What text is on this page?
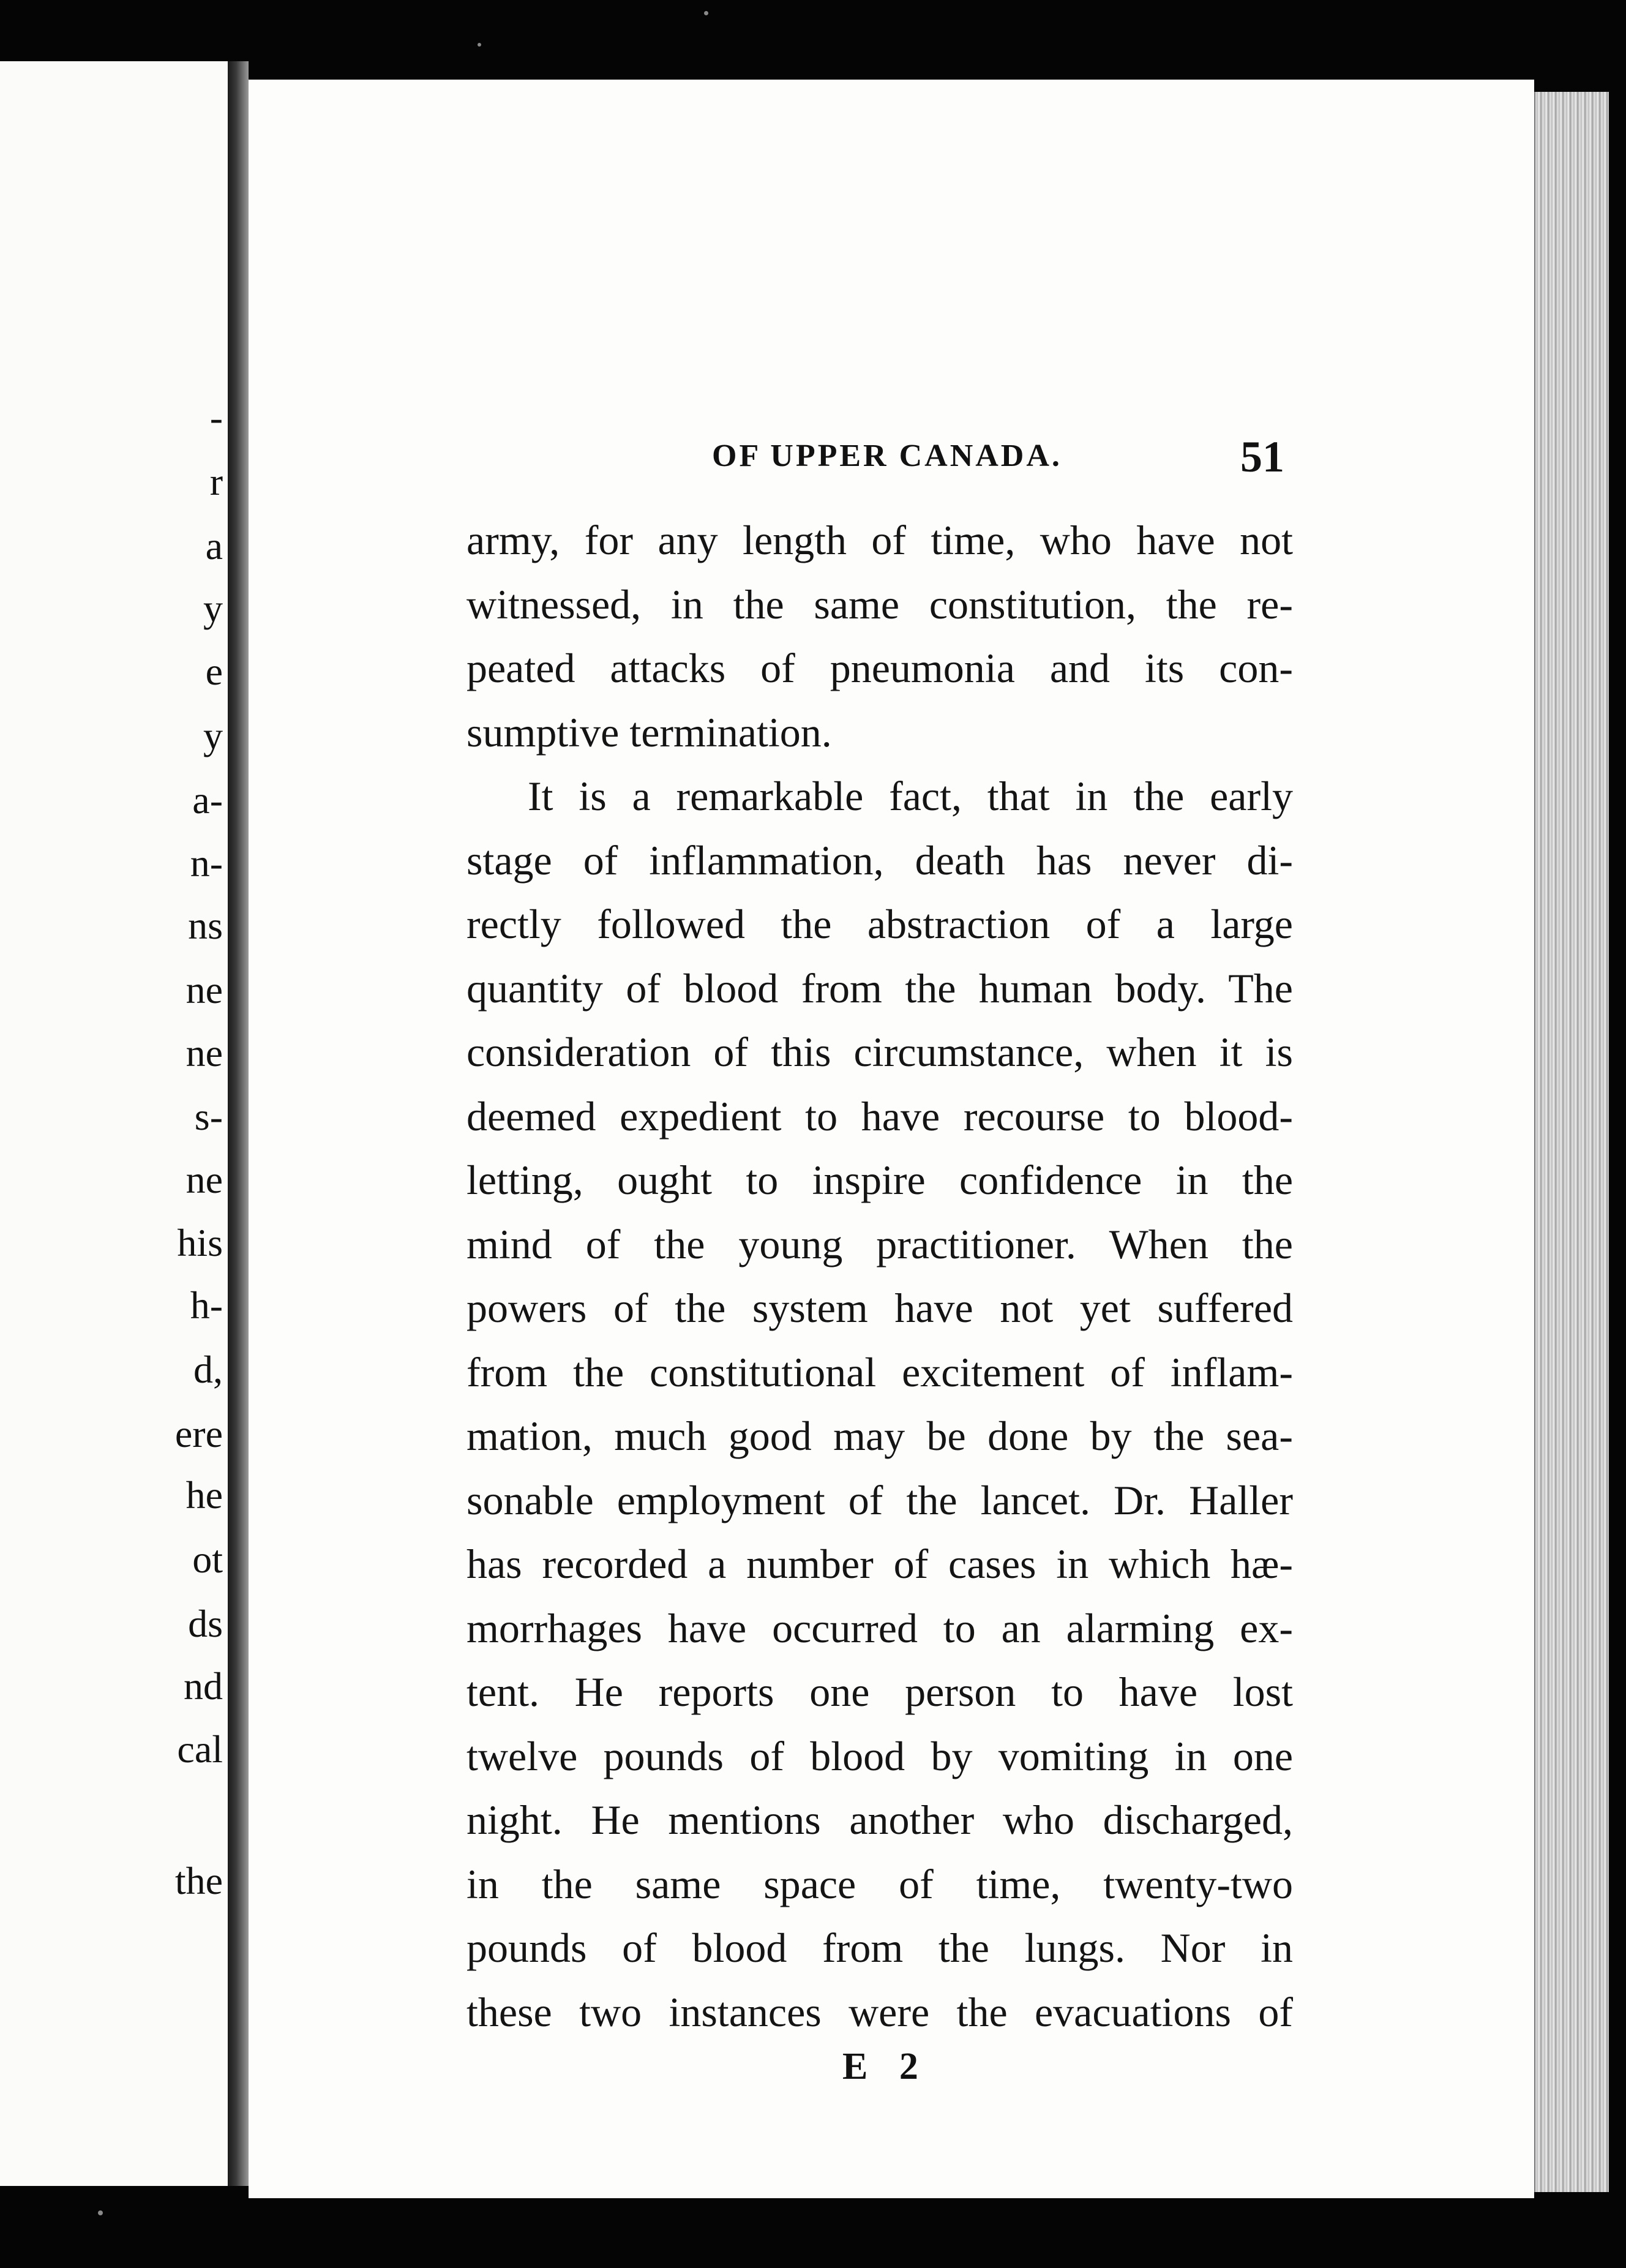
-
r
a
y
e
y
a-
n-
ns
ne
ne
s-
ne
his
h-
d,
ere
he
ot
ds
nd
cal
the
OF UPPER CANADA.	51
army, for any length of time, who have not
witnessed, in the same constitution, the re-
peated attacks of pneumonia and its con-
sumptive termination.
It is a remarkable fact, that in the early
stage of inflammation, death has never di-
rectly followed the abstraction of a large
quantity of blood from the human body. The
consideration of this circumstance, when it is
deemed expedient to have recourse to blood-
letting, ought to inspire confidence in the
mind of the young practitioner. When the
powers of the system have not yet suffered
from the constitutional excitement of inflam-
mation, much good may be done by the sea-
sonable employment of the lancet. Dr. Haller
has recorded a number of cases in which hæ-
morrhages have occurred to an alarming ex-
tent. He reports one person to have lost
twelve pounds of blood by vomiting in one
night. He mentions another who discharged,
in the same space of time, twenty-two
pounds of blood from the lungs. Nor in
these two instances were the evacuations of
E 2
